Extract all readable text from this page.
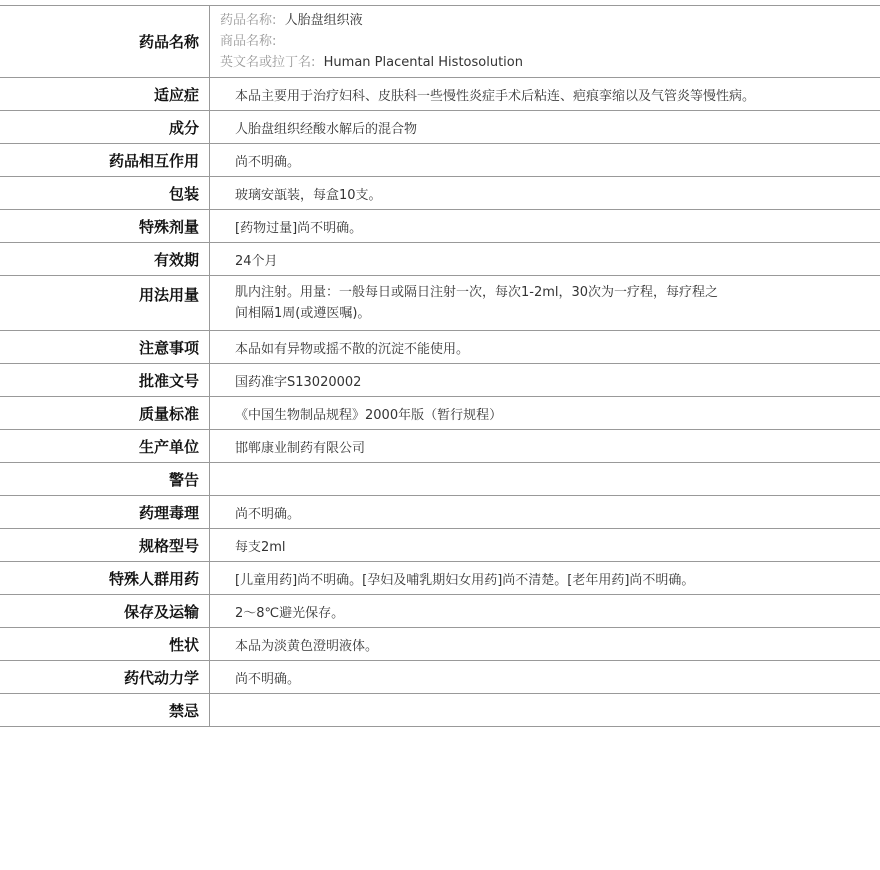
药品名称	药品名称: 人胎盘组织液
商品名称:
英文名或拉丁名: Human Placental Histosolution

适应症	本品主要用于治疗妇科、皮肤科一些慢性炎症手术后粘连、疤痕挛缩以及气管炎等慢性病。
成分	人胎盘组织经酸水解后的混合物
药品相互作用	尚不明确。
包装	玻璃安瓿装，每盒10支。
特殊剂量	[药物过量]尚不明确。
有效期	24个月
用法用量	肌内注射。用量：一般每日或隔日注射一次，每次1-2ml，30次为一疗程，每疗程之
间相隔1周(或遵医嘱)。

注意事项	本品如有异物或摇不散的沉淀不能使用。
批准文号	国药准字S13020002
质量标准	《中国生物制品规程》2000年版（暂行规程）
生产单位	邯郸康业制药有限公司
警告	
药理毒理	尚不明确。
规格型号	每支2ml
特殊人群用药	[儿童用药]尚不明确。[孕妇及哺乳期妇女用药]尚不清楚。[老年用药]尚不明确。
保存及运输	2～8℃避光保存。
性状	本品为淡黄色澄明液体。
药代动力学	尚不明确。
禁忌	
